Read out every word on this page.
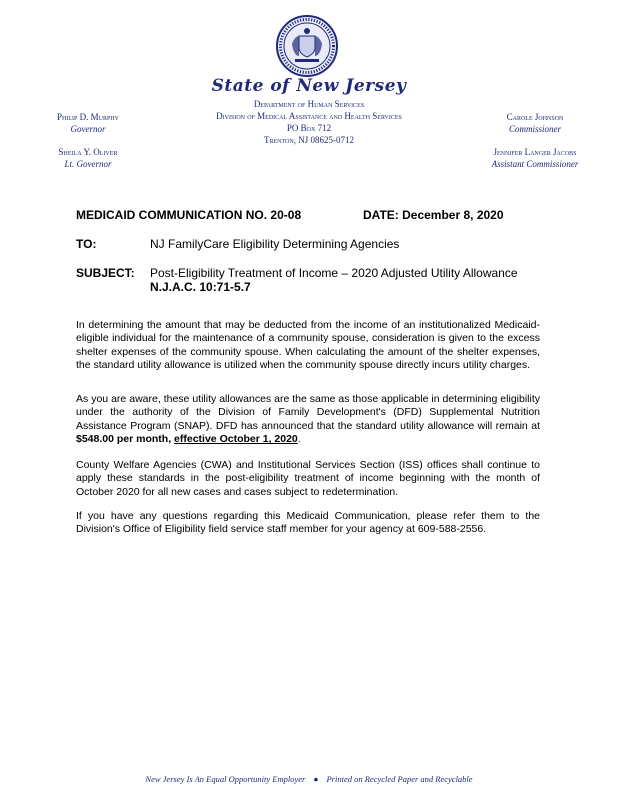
State of New Jersey
Department of Human Services
Division of Medical Assistance and Health Services
PO Box 712
Trenton, NJ 08625-0712
Philip D. Murphy
Governor
Sheila Y. Oliver
Lt. Governor
Carole Johnson
Commissioner
Jennifer Langer Jacobs
Assistant Commissioner
MEDICAID COMMUNICATION NO. 20-08	DATE: December 8, 2020
TO:	NJ FamilyCare Eligibility Determining Agencies
SUBJECT: Post-Eligibility Treatment of Income – 2020 Adjusted Utility Allowance
N.J.A.C. 10:71-5.7
In determining the amount that may be deducted from the income of an institutionalized Medicaid-eligible individual for the maintenance of a community spouse, consideration is given to the excess shelter expenses of the community spouse. When calculating the amount of the shelter expenses, the standard utility allowance is utilized when the community spouse directly incurs utility charges.
As you are aware, these utility allowances are the same as those applicable in determining eligibility under the authority of the Division of Family Development's (DFD) Supplemental Nutrition Assistance Program (SNAP). DFD has announced that the standard utility allowance will remain at $548.00 per month, effective October 1, 2020.
County Welfare Agencies (CWA) and Institutional Services Section (ISS) offices shall continue to apply these standards in the post-eligibility treatment of income beginning with the month of October 2020 for all new cases and cases subject to redetermination.
If you have any questions regarding this Medicaid Communication, please refer them to the Division's Office of Eligibility field service staff member for your agency at 609-588-2556.
New Jersey Is An Equal Opportunity Employer ● Printed on Recycled Paper and Recyclable
